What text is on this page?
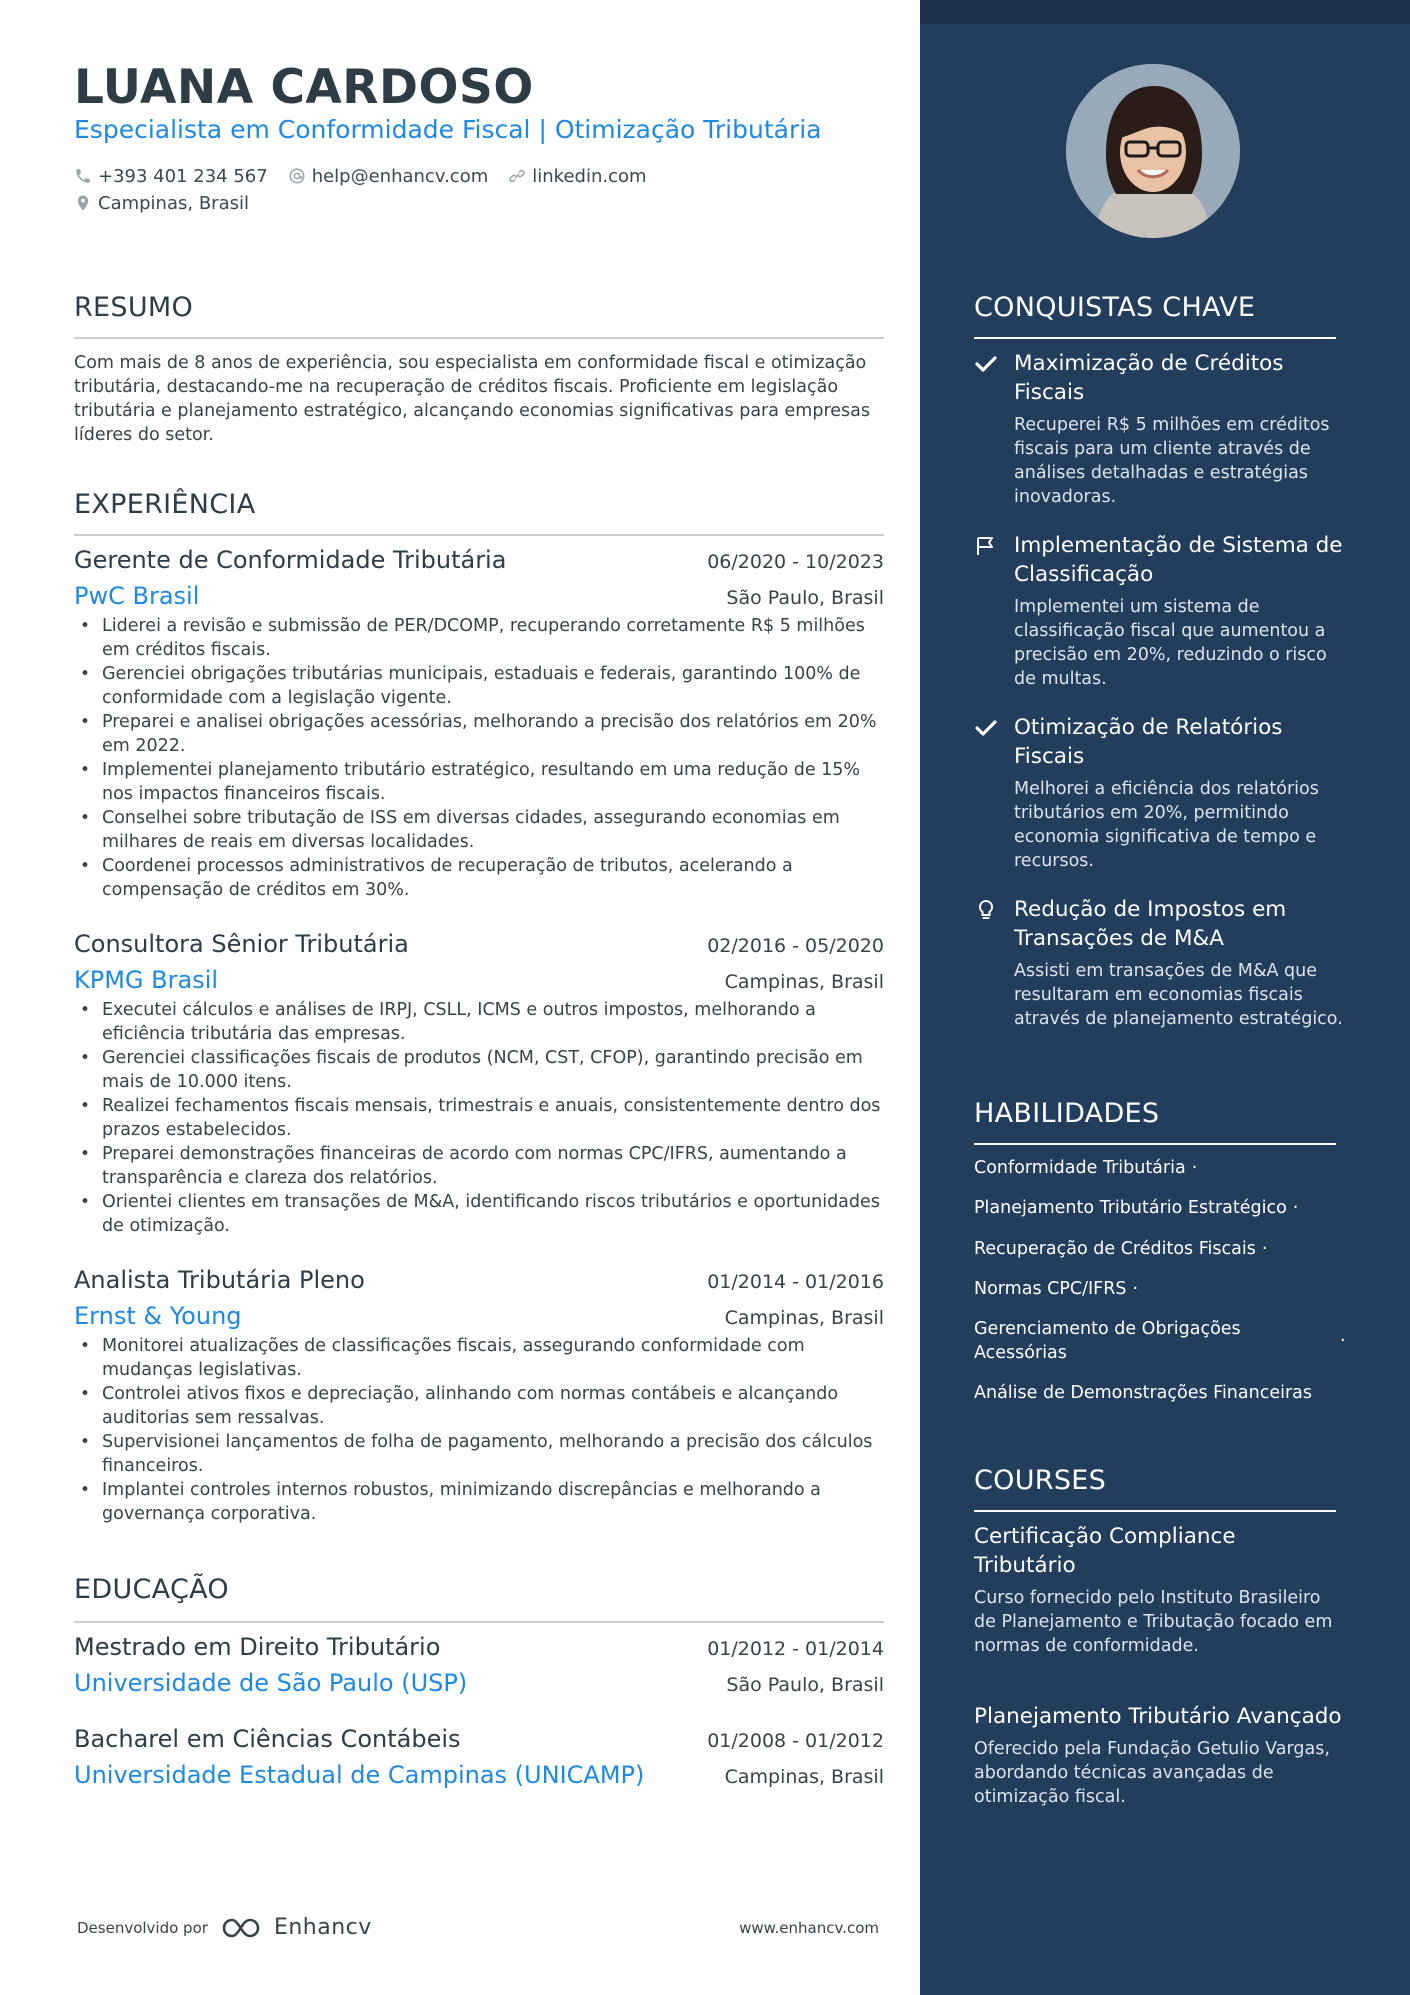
LUANA CARDOSO
Especialista em Conformidade Fiscal | Otimização Tributária
+393 401 234 567 help@enhancv.com linkedin.com
Campinas, Brasil
RESUMO
Com mais de 8 anos de experiência, sou especialista em conformidade fiscal e otimização tributária, destacando-me na recuperação de créditos fiscais. Proficiente em legislação tributária e planejamento estratégico, alcançando economias significativas para empresas líderes do setor.
EXPERIÊNCIA
Gerente de Conformidade Tributária	06/2020 - 10/2023
PwC Brasil	São Paulo, Brasil
• Liderei a revisão e submissão de PER/DCOMP, recuperando corretamente R$ 5 milhões em créditos fiscais.
• Gerenciei obrigações tributárias municipais, estaduais e federais, garantindo 100% de conformidade com a legislação vigente.
• Preparei e analisei obrigações acessórias, melhorando a precisão dos relatórios em 20% em 2022.
• Implementei planejamento tributário estratégico, resultando em uma redução de 15% nos impactos financeiros fiscais.
• Conselhei sobre tributação de ISS em diversas cidades, assegurando economias em milhares de reais em diversas localidades.
• Coordenei processos administrativos de recuperação de tributos, acelerando a compensação de créditos em 30%.
Consultora Sênior Tributária	02/2016 - 05/2020
KPMG Brasil	Campinas, Brasil
• Executei cálculos e análises de IRPJ, CSLL, ICMS e outros impostos, melhorando a eficiência tributária das empresas.
• Gerenciei classificações fiscais de produtos (NCM, CST, CFOP), garantindo precisão em mais de 10.000 itens.
• Realizei fechamentos fiscais mensais, trimestrais e anuais, consistentemente dentro dos prazos estabelecidos.
• Preparei demonstrações financeiras de acordo com normas CPC/IFRS, aumentando a transparência e clareza dos relatórios.
• Orientei clientes em transações de M&A, identificando riscos tributários e oportunidades de otimização.
Analista Tributária Pleno	01/2014 - 01/2016
Ernst & Young	Campinas, Brasil
• Monitorei atualizações de classificações fiscais, assegurando conformidade com mudanças legislativas.
• Controlei ativos fixos e depreciação, alinhando com normas contábeis e alcançando auditorias sem ressalvas.
• Supervisionei lançamentos de folha de pagamento, melhorando a precisão dos cálculos financeiros.
• Implantei controles internos robustos, minimizando discrepâncias e melhorando a governança corporativa.
EDUCAÇÃO
Mestrado em Direito Tributário	01/2012 - 01/2014
Universidade de São Paulo (USP)	São Paulo, Brasil
Bacharel em Ciências Contábeis	01/2008 - 01/2012
Universidade Estadual de Campinas (UNICAMP)	Campinas, Brasil
Desenvolvido por	Enhancv	www.enhancv.com
CONQUISTAS CHAVE
Maximização de Créditos Fiscais
Recuperei R$ 5 milhões em créditos fiscais para um cliente através de análises detalhadas e estratégias inovadoras.
Implementação de Sistema de Classificação
Implementei um sistema de classificação fiscal que aumentou a precisão em 20%, reduzindo o risco de multas.
Otimização de Relatórios Fiscais
Melhorei a eficiência dos relatórios tributários em 20%, permitindo economia significativa de tempo e recursos.
Redução de Impostos em Transações de M&A
Assisti em transações de M&A que resultaram em economias fiscais através de planejamento estratégico.
HABILIDADES
Conformidade Tributária ·
Planejamento Tributário Estratégico ·
Recuperação de Créditos Fiscais ·
Normas CPC/IFRS ·
Gerenciamento de Obrigações Acessórias
·
Análise de Demonstrações Financeiras
COURSES
Certificação Compliance Tributário
Curso fornecido pelo Instituto Brasileiro de Planejamento e Tributação focado em normas de conformidade.
Planejamento Tributário Avançado
Oferecido pela Fundação Getulio Vargas, abordando técnicas avançadas de otimização fiscal.
